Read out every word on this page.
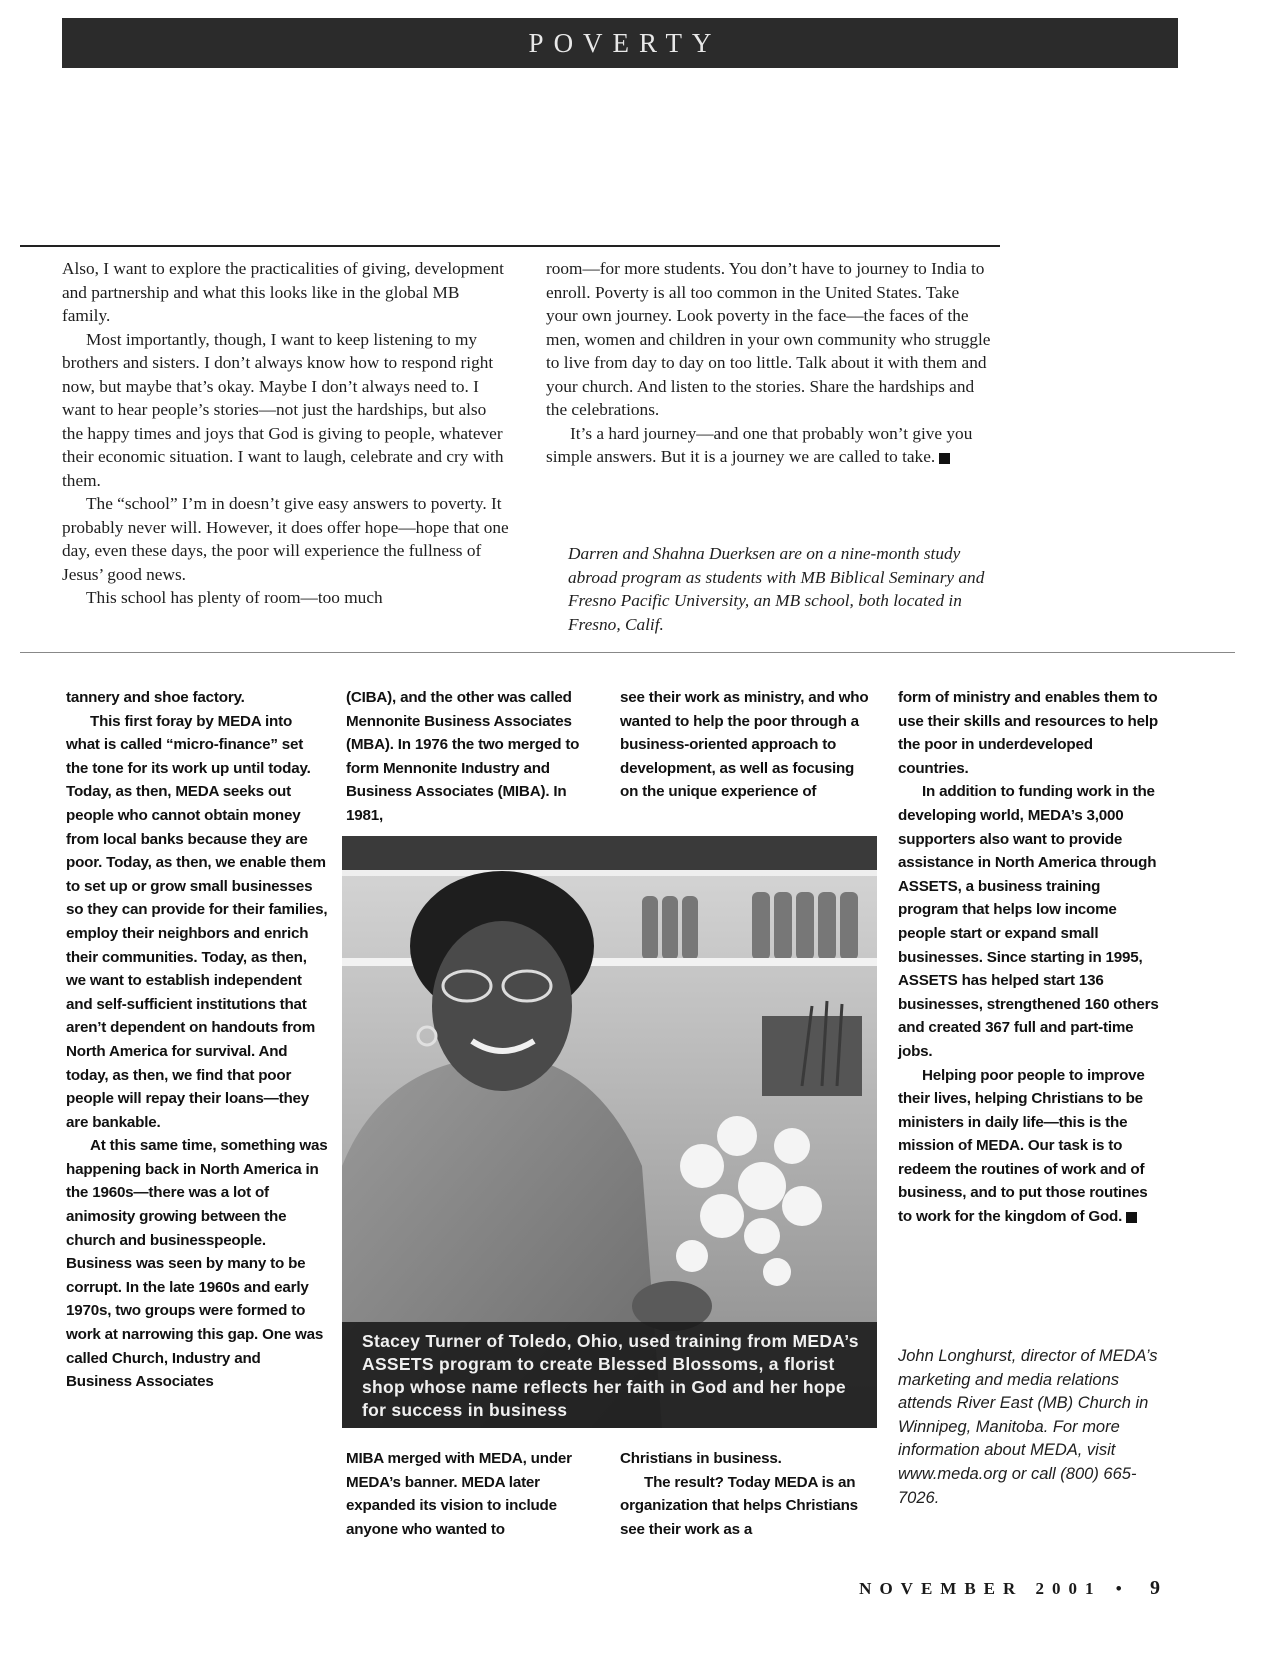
POVERTY

Also, I want to explore the practicalities of giving, development and partnership and what this looks like in the global MB family.

Most importantly, though, I want to keep listening to my brothers and sisters. I don’t always know how to respond right now, but maybe that’s okay. Maybe I don’t always need to. I want to hear people’s stories—not just the hardships, but also the happy times and joys that God is giving to people, whatever their economic situation. I want to laugh, celebrate and cry with them.

The “school” I’m in doesn’t give easy answers to poverty. It probably never will. However, it does offer hope—hope that one day, even these days, the poor will experience the fullness of Jesus’ good news.

This school has plenty of room—too much

room—for more students. You don’t have to journey to India to enroll. Poverty is all too common in the United States. Take your own journey. Look poverty in the face—the faces of the men, women and children in your own community who struggle to live from day to day on too little. Talk about it with them and your church. And listen to the stories. Share the hardships and the celebrations.

It’s a hard journey—and one that probably won’t give you simple answers. But it is a journey we are called to take.

Darren and Shahna Duerksen are on a nine-month study abroad program as students with MB Biblical Seminary and Fresno Pacific University, an MB school, both located in Fresno, Calif.

tannery and shoe factory.

This first foray by MEDA into what is called “micro-finance” set the tone for its work up until today. Today, as then, MEDA seeks out people who cannot obtain money from local banks because they are poor. Today, as then, we enable them to set up or grow small businesses so they can provide for their families, employ their neighbors and enrich their communities. Today, as then, we want to establish independent and self-sufficient institutions that aren’t dependent on handouts from North America for survival. And today, as then, we find that poor people will repay their loans—they are bankable.

At this same time, something was happening back in North America in the 1960s—there was a lot of animosity growing between the church and businesspeople. Business was seen by many to be corrupt. In the late 1960s and early 1970s, two groups were formed to work at narrowing this gap. One was called Church, Industry and Business Associates

(CIBA), and the other was called Mennonite Business Associates (MBA). In 1976 the two merged to form Mennonite Industry and Business Associates (MIBA). In 1981,

see their work as ministry, and who wanted to help the poor through a business-oriented approach to development, as well as focusing on the unique experience of

Stacey Turner of Toledo, Ohio, used training from MEDA’s ASSETS program to create Blessed Blossoms, a florist shop whose name reflects her faith in God and her hope for success in business

MIBA merged with MEDA, under MEDA’s banner. MEDA later expanded its vision to include anyone who wanted to

Christians in business.

The result? Today MEDA is an organization that helps Christians see their work as a

form of ministry and enables them to use their skills and resources to help the poor in underdeveloped countries.

In addition to funding work in the developing world, MEDA’s 3,000 supporters also want to provide assistance in North America through ASSETS, a business training program that helps low income people start or expand small businesses. Since starting in 1995, ASSETS has helped start 136 businesses, strengthened 160 others and created 367 full and part-time jobs.

Helping poor people to improve their lives, helping Christians to be ministers in daily life—this is the mission of MEDA. Our task is to redeem the routines of work and of business, and to put those routines to work for the kingdom of God.

John Longhurst, director of MEDA’s marketing and media relations attends River East (MB) Church in Winnipeg, Manitoba. For more information about MEDA, visit www.meda.org or call (800) 665-7026.
NOVEMBER 2001 • 9
